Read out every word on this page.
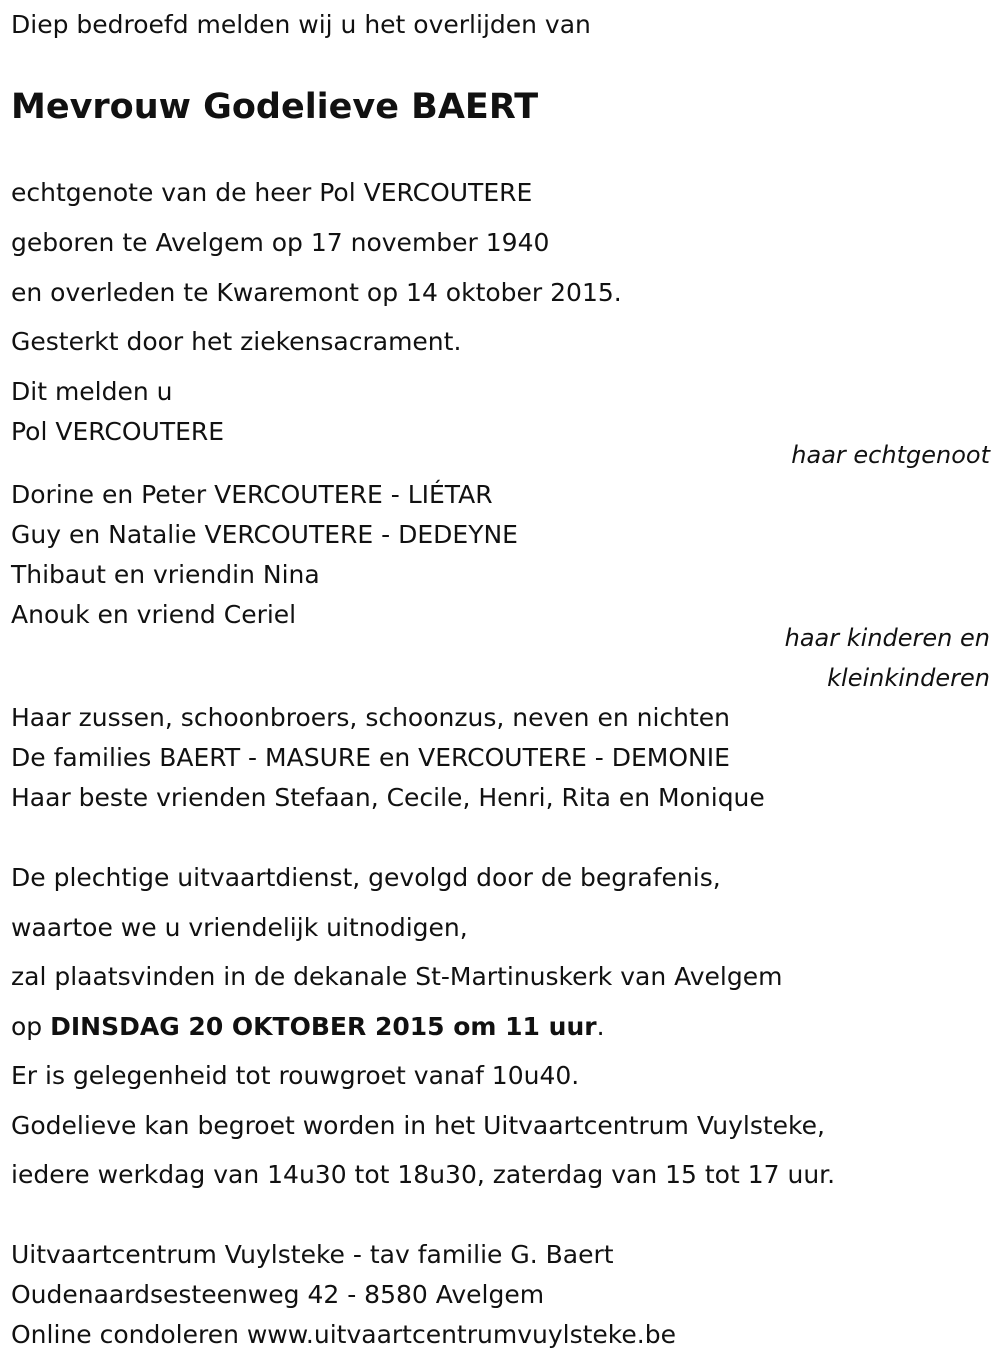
Diep bedroefd melden wij u het overlijden van
Mevrouw Godelieve BAERT
echtgenote van de heer Pol VERCOUTERE
geboren te Avelgem op 17 november 1940
en overleden te Kwaremont op 14 oktober 2015.
Gesterkt door het ziekensacrament.
Dit melden u
Pol VERCOUTERE
haar echtgenoot
Dorine en Peter VERCOUTERE - LIÉTAR
Guy en Natalie VERCOUTERE - DEDEYNE
Thibaut en vriendin Nina
Anouk en vriend Ceriel
haar kinderen en
kleinkinderen
Haar zussen, schoonbroers, schoonzus, neven en nichten
De families BAERT - MASURE en VERCOUTERE - DEMONIE
Haar beste vrienden Stefaan, Cecile, Henri, Rita en Monique
De plechtige uitvaartdienst, gevolgd door de begrafenis,
waartoe we u vriendelijk uitnodigen,
zal plaatsvinden in de dekanale St-Martinuskerk van Avelgem
op DINSDAG 20 OKTOBER 2015 om 11 uur.
Er is gelegenheid tot rouwgroet vanaf 10u40.
Godelieve kan begroet worden in het Uitvaartcentrum Vuylsteke,
iedere werkdag van 14u30 tot 18u30, zaterdag van 15 tot 17 uur.
Uitvaartcentrum Vuylsteke - tav familie G. Baert
Oudenaardsesteenweg 42 - 8580 Avelgem
Online condoleren www.uitvaartcentrumvuylsteke.be
